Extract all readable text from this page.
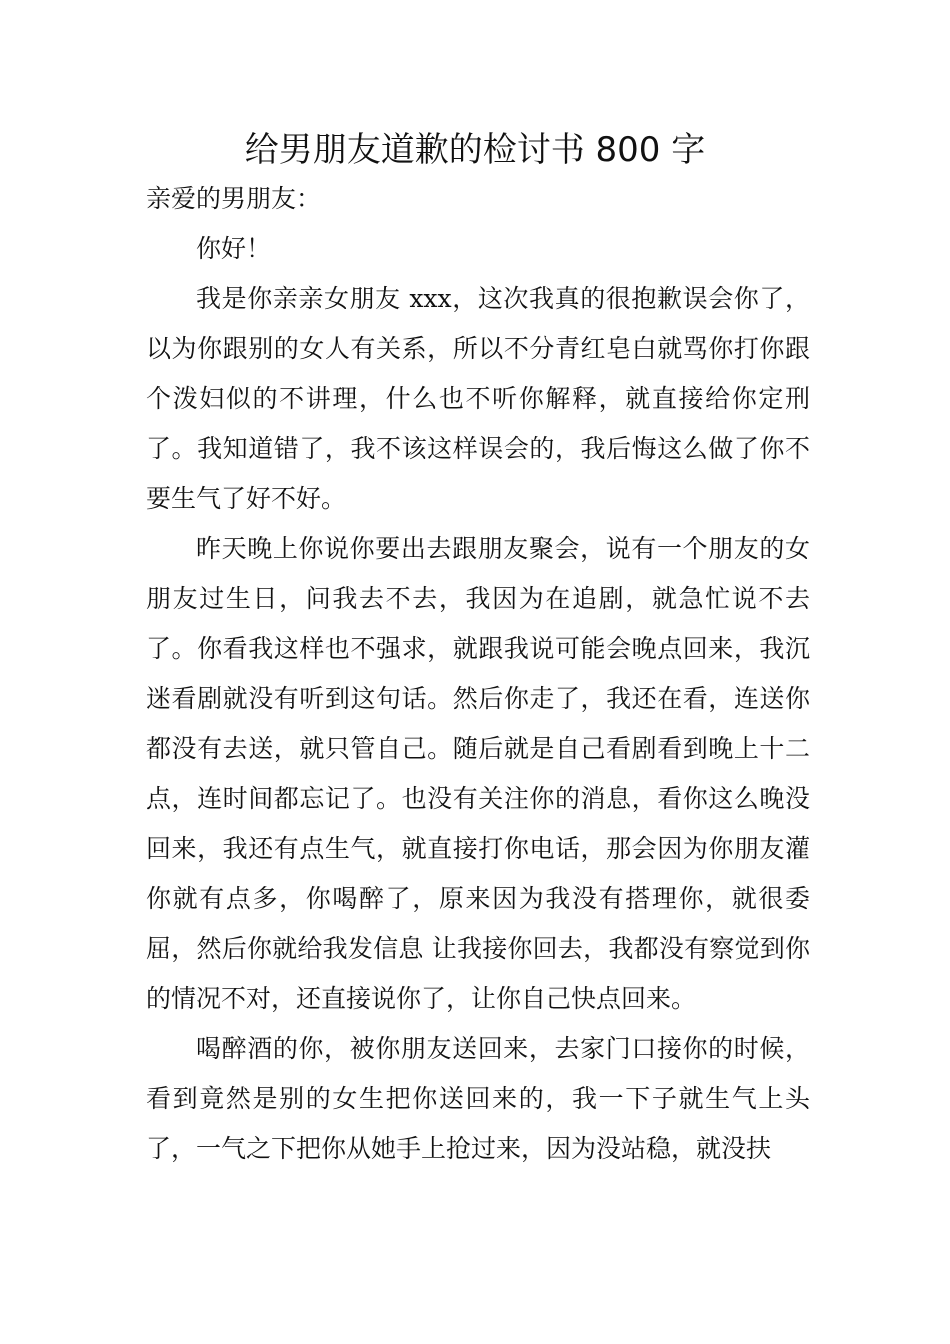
给男朋友道歉的检讨书 800 字

亲爱的男朋友：

你好！

我是你亲亲女朋友 xxx，这次我真的很抱歉误会你了，以为你跟别的女人有关系，所以不分青红皂白就骂你打你跟个泼妇似的不讲理，什么也不听你解释，就直接给你定刑了。我知道错了，我不该这样误会的，我后悔这么做了你不要生气了好不好。

昨天晚上你说你要出去跟朋友聚会，说有一个朋友的女朋友过生日，问我去不去，我因为在追剧，就急忙说不去了。你看我这样也不强求，就跟我说可能会晚点回来，我沉迷看剧就没有听到这句话。然后你走了，我还在看，连送你都没有去送，就只管自己。随后就是自己看剧看到晚上十二点，连时间都忘记了。也没有关注你的消息，看你这么晚没回来，我还有点生气，就直接打你电话，那会因为你朋友灌你就有点多，你喝醉了，原来因为我没有搭理你，就很委屈，然后你就给我发信息 让我接你回去，我都没有察觉到你的情况不对，还直接说你了，让你自己快点回来。

喝醉酒的你，被你朋友送回来，去家门口接你的时候，看到竟然是别的女生把你送回来的，我一下子就生气上头了，一气之下把你从她手上抢过来，因为没站稳，就没扶
